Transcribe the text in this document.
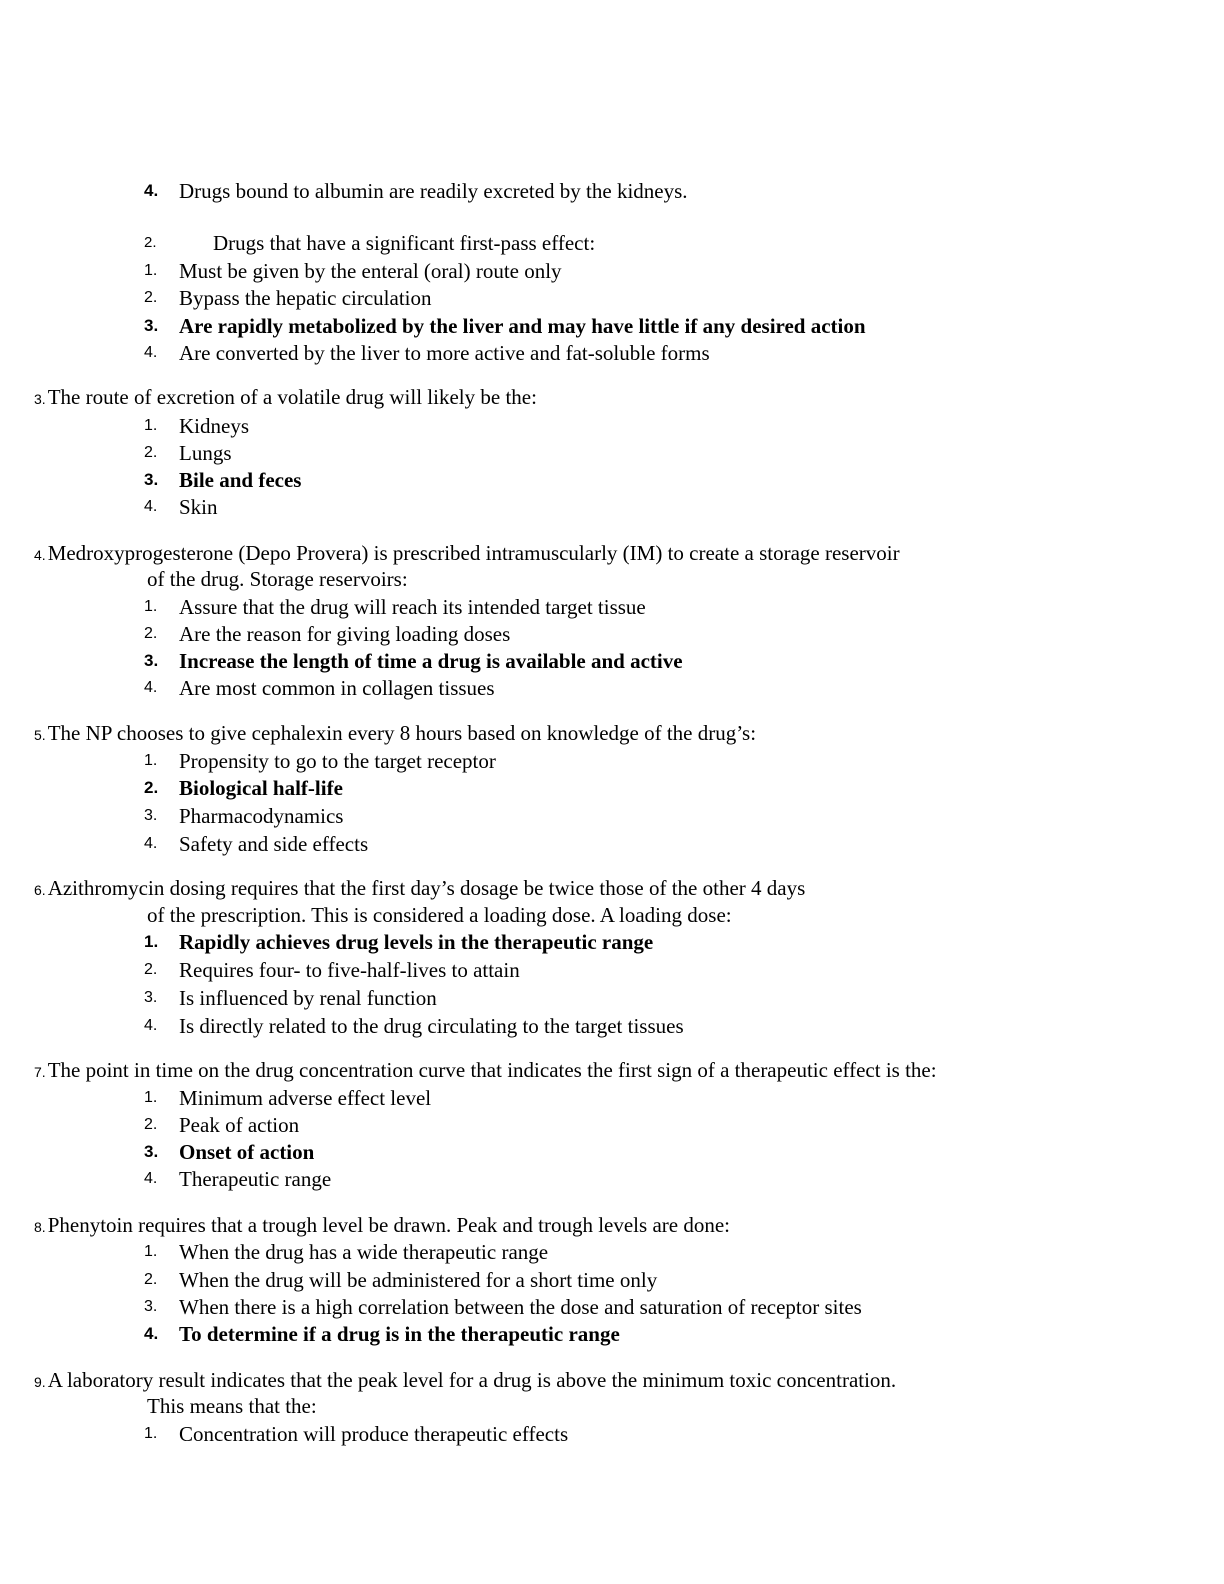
4. Drugs bound to albumin are readily excreted by the kidneys.
2.	Drugs that have a significant first-pass effect:
1. Must be given by the enteral (oral) route only
2. Bypass the hepatic circulation
3. Are rapidly metabolized by the liver and may have little if any desired action
4. Are converted by the liver to more active and fat-soluble forms
3.The route of excretion of a volatile drug will likely be the:
1. Kidneys
2. Lungs
3. Bile and feces
4. Skin
4.Medroxyprogesterone (Depo Provera) is prescribed intramuscularly (IM) to create a storage reservoir
of the drug. Storage reservoirs:
1. Assure that the drug will reach its intended target tissue
2. Are the reason for giving loading doses
3. Increase the length of time a drug is available and active
4. Are most common in collagen tissues
5.The NP chooses to give cephalexin every 8 hours based on knowledge of the drug’s:
1. Propensity to go to the target receptor
2. Biological half-life
3. Pharmacodynamics
4. Safety and side effects
6.Azithromycin dosing requires that the first day’s dosage be twice those of the other 4 days
of the prescription. This is considered a loading dose. A loading dose:
1. Rapidly achieves drug levels in the therapeutic range
2. Requires four- to five-half-lives to attain
3. Is influenced by renal function
4. Is directly related to the drug circulating to the target tissues
7.The point in time on the drug concentration curve that indicates the first sign of a therapeutic effect is the:
1. Minimum adverse effect level
2. Peak of action
3. Onset of action
4. Therapeutic range
8.Phenytoin requires that a trough level be drawn. Peak and trough levels are done:
1. When the drug has a wide therapeutic range
2. When the drug will be administered for a short time only
3. When there is a high correlation between the dose and saturation of receptor sites
4. To determine if a drug is in the therapeutic range
9.A laboratory result indicates that the peak level for a drug is above the minimum toxic concentration.
This means that the:
1. Concentration will produce therapeutic effects
